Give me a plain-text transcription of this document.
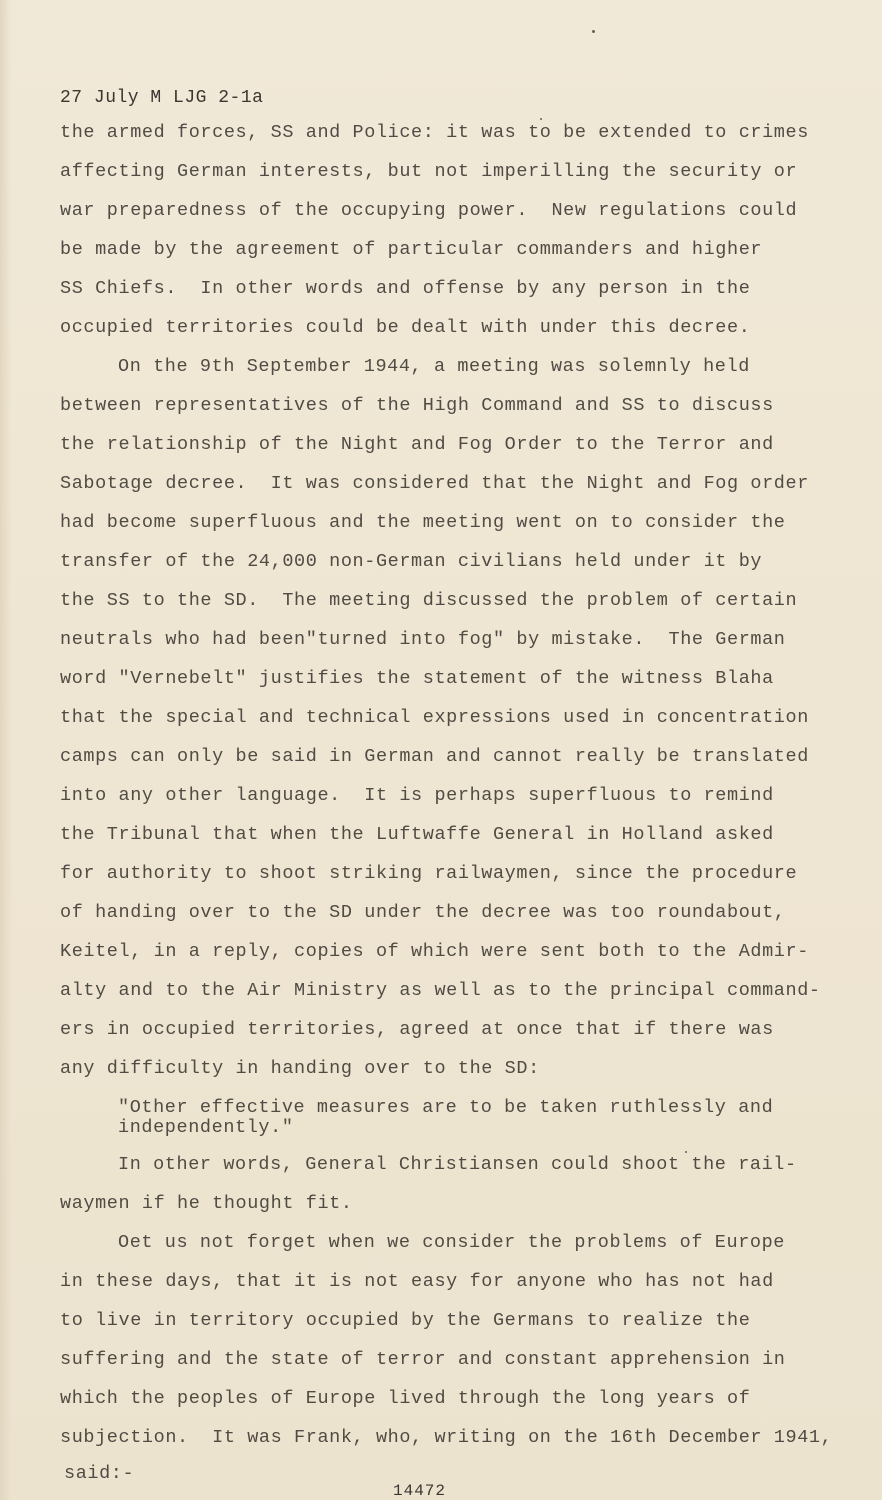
27 July M LJG 2-1a
the armed forces, SS and Police: it was to be extended to crimes
affecting German interests, but not imperilling the security or
war preparedness of the occupying power.  New regulations could
be made by the agreement of particular commanders and higher
SS Chiefs.  In other words and offense by any person in the
occupied territories could be dealt with under this decree.
On the 9th September 1944, a meeting was solemnly held
between representatives of the High Command and SS to discuss
the relationship of the Night and Fog Order to the Terror and
Sabotage decree.  It was considered that the Night and Fog order
had become superfluous and the meeting went on to consider the
transfer of the 24,000 non-German civilians held under it by
the SS to the SD.  The meeting discussed the problem of certain
neutrals who had been"turned into fog" by mistake.  The German
word "Vernebelt" justifies the statement of the witness Blaha
that the special and technical expressions used in concentration
camps can only be said in German and cannot really be translated
into any other language.  It is perhaps superfluous to remind
the Tribunal that when the Luftwaffe General in Holland asked
for authority to shoot striking railwaymen, since the procedure
of handing over to the SD under the decree was too roundabout,
Keitel, in a reply, copies of which were sent both to the Admir-
alty and to the Air Ministry as well as to the principal command-
ers in occupied territories, agreed at once that if there was
any difficulty in handing over to the SD:
"Other effective measures are to be taken ruthlessly and
independently."
In other words, General Christiansen could shoot the rail-
waymen if he thought fit.
Oet us not forget when we consider the problems of Europe
in these days, that it is not easy for anyone who has not had
to live in territory occupied by the Germans to realize the
suffering and the state of terror and constant apprehension in
which the peoples of Europe lived through the long years of
subjection.  It was Frank, who, writing on the 16th December 1941,
said:-
14472
